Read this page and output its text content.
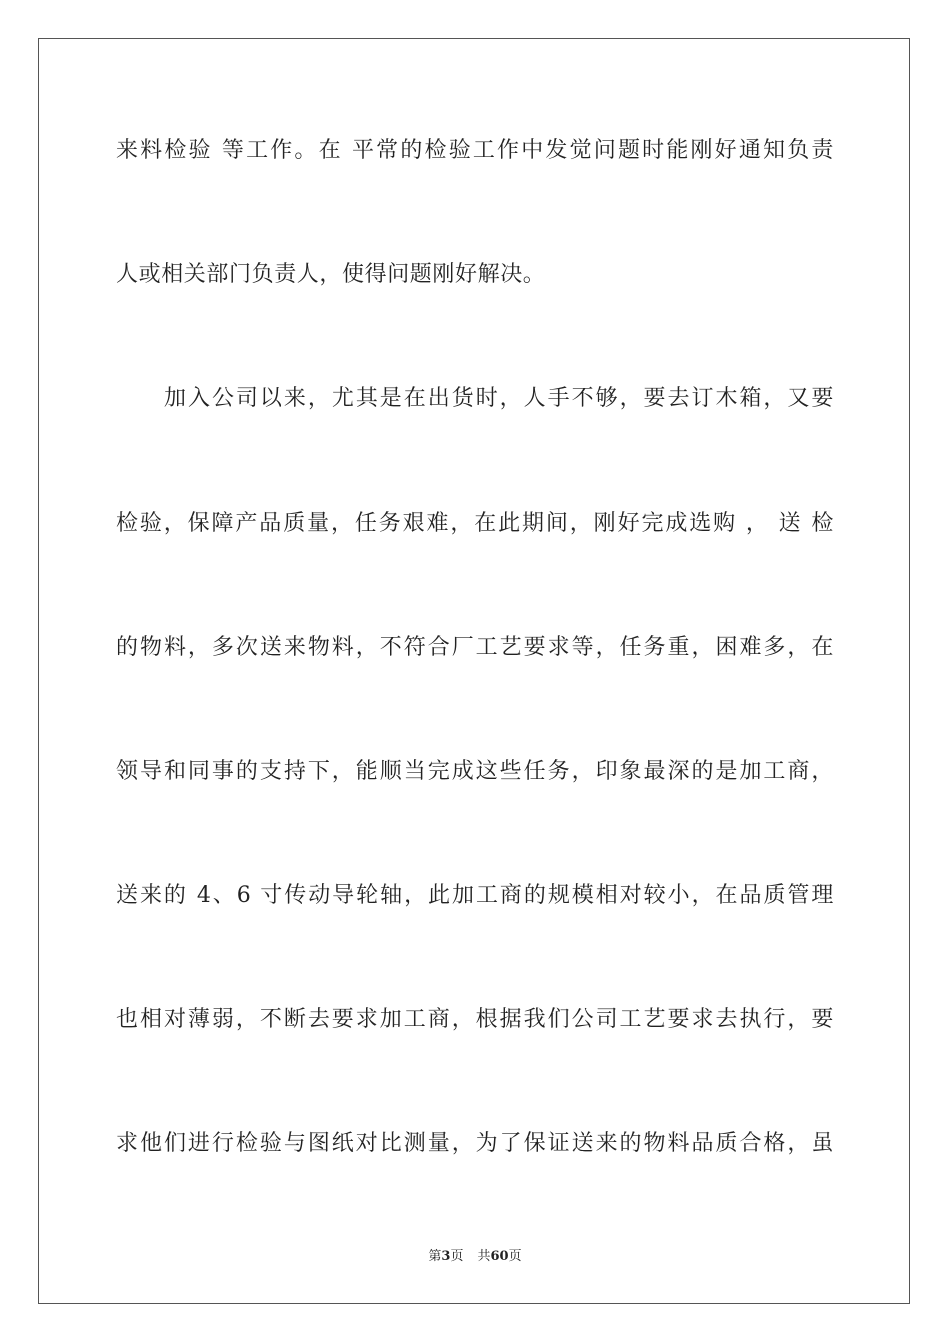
来料检验 等工作。在 平常的检验工作中发觉问题时能刚好通知负责
人或相关部门负责人，使得问题刚好解决。
加入公司以来，尤其是在出货时，人手不够，要去订木箱，又要
检验，保障产品质量，任务艰难，在此期间，刚好完成选购 ， 送 检
的物料，多次送来物料，不符合厂工艺要求等，任务重，困难多，在
领导和同事的支持下，能顺当完成这些任务，印象最深的是加工商，
送来的 4、6 寸传动导轮轴，此加工商的规模相对较小，在品质管理
也相对薄弱，不断去要求加工商，根据我们公司工艺要求去执行，要
求他们进行检验与图纸对比测量，为了保证送来的物料品质合格，虽
第3页 共60页
